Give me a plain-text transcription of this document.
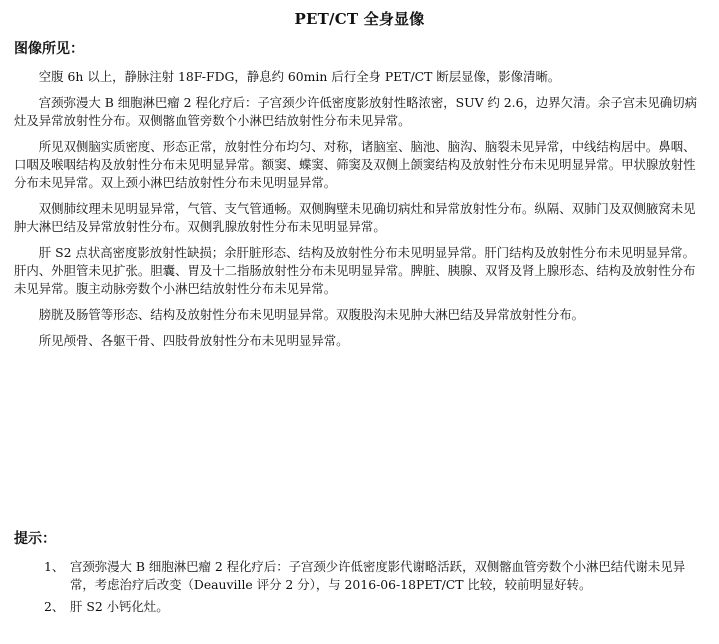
PET/CT 全身显像
图像所见：

空腹 6h 以上，静脉注射 18F-FDG，静息约 60min 后行全身 PET/CT 断层显像，影像清晰。

宫颈弥漫大 B 细胞淋巴瘤 2 程化疗后：子宫颈少许低密度影放射性略浓密，SUV 约 2.6，边界欠清。余子宫未见确切病灶及异常放射性分布。双侧髂血管旁数个小淋巴结放射性分布未见异常。

所见双侧脑实质密度、形态正常，放射性分布均匀、对称，诸脑室、脑池、脑沟、脑裂未见异常，中线结构居中。鼻咽、口咽及喉咽结构及放射性分布未见明显异常。额窦、蝶窦、筛窦及双侧上颌窦结构及放射性分布未见明显异常。甲状腺放射性分布未见异常。双上颈小淋巴结放射性分布未见明显异常。

双侧肺纹理未见明显异常，气管、支气管通畅。双侧胸壁未见确切病灶和异常放射性分布。纵隔、双肺门及双侧腋窝未见肿大淋巴结及异常放射性分布。双侧乳腺放射性分布未见明显异常。

肝 S2 点状高密度影放射性缺损；余肝脏形态、结构及放射性分布未见明显异常。肝门结构及放射性分布未见明显异常。肝内、外胆管未见扩张。胆囊、胃及十二指肠放射性分布未见明显异常。脾脏、胰腺、双肾及肾上腺形态、结构及放射性分布未见异常。腹主动脉旁数个小淋巴结放射性分布未见异常。

膀胱及肠管等形态、结构及放射性分布未见明显异常。双腹股沟未见肿大淋巴结及异常放射性分布。

所见颅骨、各躯干骨、四肢骨放射性分布未见明显异常。

提示：
1、 宫颈弥漫大 B 细胞淋巴瘤 2 程化疗后：子宫颈少许低密度影代谢略活跃，双侧髂血管旁数个小淋巴结代谢未见异常，考虑治疗后改变（Deauville 评分 2 分），与 2016-06-18PET/CT 比较，较前明显好转。
2、 肝 S2 小钙化灶。
